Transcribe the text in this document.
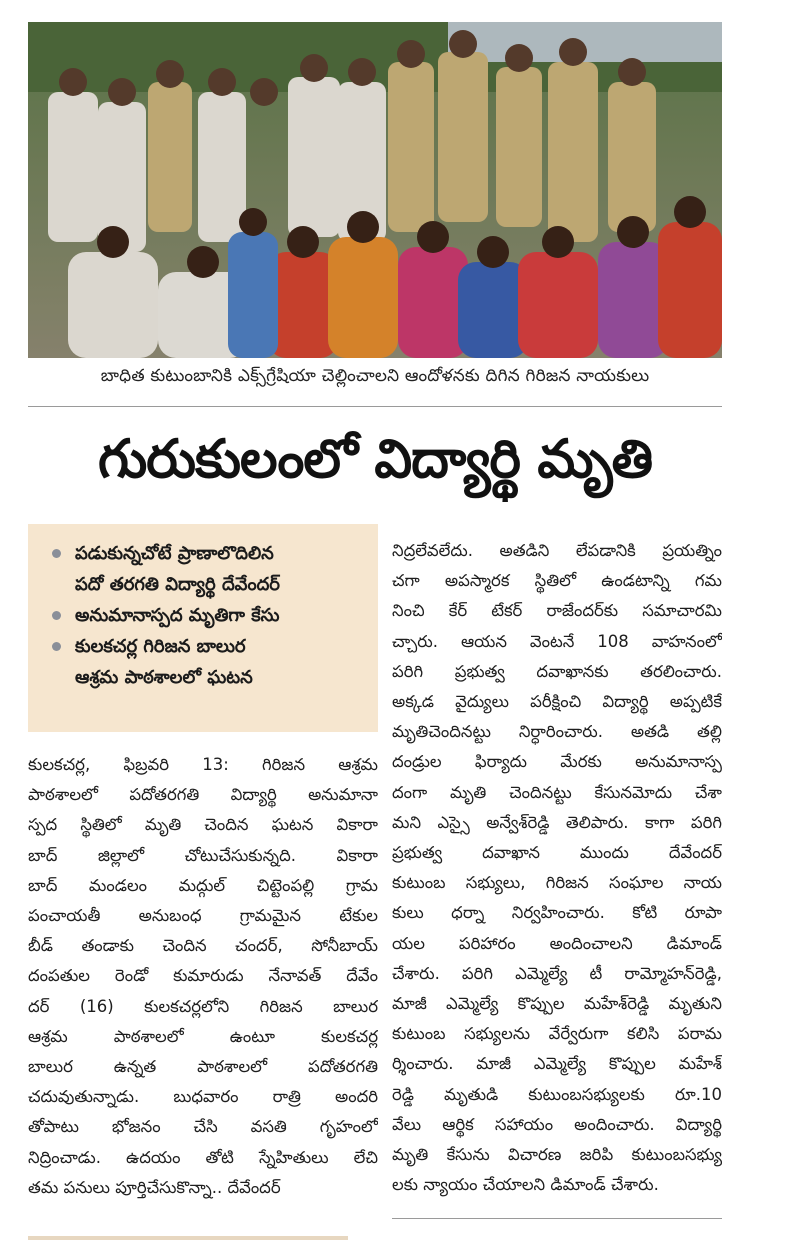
బాధిత కుటుంబానికి ఎక్స్‌గ్రేషియా చెల్లించాలని ఆందోళనకు దిగిన గిరిజన నాయకులు
గురుకులంలో విద్యార్థి మృతి
పడుకున్నచోటే ప్రాణాలొదిలిన
పదో తరగతి విద్యార్థి దేవేందర్
అనుమానాస్పద మృతిగా కేసు
కులకచర్ల గిరిజన బాలుర
ఆశ్రమ పాఠశాలలో ఘటన
కులకచర్ల, ఫిబ్రవరి 13: గిరిజన ఆశ్రమ
పాఠశాలలో పదోతరగతి విద్యార్థి అనుమానా
స్పద స్థితిలో మృతి చెందిన ఘటన వికారా
బాద్ జిల్లాలో చోటుచేసుకున్నది. వికారా
బాద్ మండలం మద్గుల్ చిట్టెంపల్లి గ్రామ
పంచాయతీ అనుబంధ గ్రామమైన టేకుల
బీడ్ తండాకు చెందిన చందర్, సోనీబాయ్
దంపతుల రెండో కుమారుడు నేనావత్ దేవేం
దర్ (16) కులకచర్లలోని గిరిజన బాలుర
ఆశ్రమ పాఠశాలలో ఉంటూ కులకచర్ల
బాలుర ఉన్నత పాఠశాలలో పదోతరగతి
చదువుతున్నాడు. బుధవారం రాత్రి అందరి
తోపాటు భోజనం చేసి వసతి గృహంలో
నిద్రించాడు. ఉదయం తోటి స్నేహితులు లేచి
తమ పనులు పూర్తిచేసుకొన్నా.. దేవేందర్
నిద్రలేవలేదు. అతడిని లేపడానికి ప్రయత్నిం
చగా అపస్మారక స్థితిలో ఉండటాన్ని గమ
నించి కేర్ టేకర్ రాజేందర్‌కు సమాచారమి
చ్చారు. ఆయన వెంటనే 108 వాహనంలో
పరిగి ప్రభుత్వ దవాఖానకు తరలించారు.
అక్కడ వైద్యులు పరీక్షించి విద్యార్థి అప్పటికే
మృతిచెందినట్టు నిర్ధారించారు. అతడి తల్లి
దండ్రుల ఫిర్యాదు మేరకు అనుమానాస్ప
దంగా మృతి చెందినట్టు కేసునమోదు చేశా
మని ఎస్సై అన్వేశ్‌రెడ్డి తెలిపారు. కాగా పరిగి
ప్రభుత్వ దవాఖాన ముందు దేవేందర్
కుటుంబ సభ్యులు, గిరిజన సంఘాల నాయ
కులు ధర్నా నిర్వహించారు. కోటి రూపా
యల పరిహారం అందించాలని డిమాండ్
చేశారు. పరిగి ఎమ్మెల్యే టీ రామ్మోహన్‌రెడ్డి,
మాజీ ఎమ్మెల్యే కొప్పుల మహేశ్‌రెడ్డి మృతుని
కుటుంబ సభ్యులను వేర్వేరుగా కలిసి పరామ
ర్శించారు. మాజీ ఎమ్మెల్యే కొప్పుల మహేశ్
రెడ్డి మృతుడి కుటుంబసభ్యులకు రూ.10
వేలు ఆర్థిక సహాయం అందించారు. విద్యార్థి
మృతి కేసును విచారణ జరిపి కుటుంబసభ్యు
లకు న్యాయం చేయాలని డిమాండ్ చేశారు.
